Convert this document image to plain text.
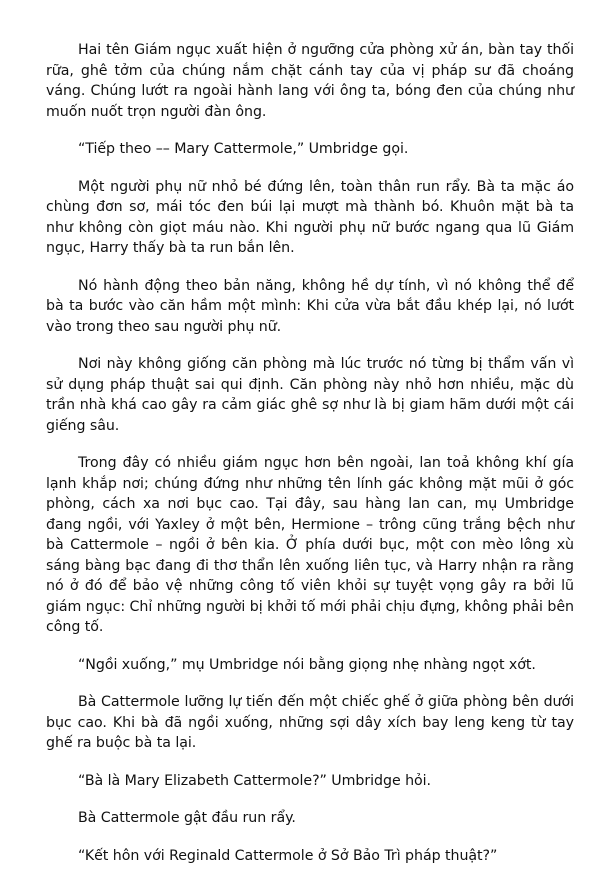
Hai tên Giám ngục xuất hiện ở ngưỡng cửa phòng xử án, bàn tay thối rữa, ghê tởm của chúng nắm chặt cánh tay của vị pháp sư đã choáng váng. Chúng lướt ra ngoài hành lang với ông ta, bóng đen của chúng như muốn nuốt trọn người đàn ông.

“Tiếp theo –– Mary Cattermole,” Umbridge gọi.

Một người phụ nữ nhỏ bé đứng lên, toàn thân run rẩy. Bà ta mặc áo chùng đơn sơ, mái tóc đen búi lại mượt mà thành bó. Khuôn mặt bà ta như không còn giọt máu nào. Khi người phụ nữ bước ngang qua lũ Giám ngục, Harry thấy bà ta run bắn lên.

Nó hành động theo bản năng, không hề dự tính, vì nó không thể để bà ta bước vào căn hầm một mình: Khi cửa vừa bắt đầu khép lại, nó lướt vào trong theo sau người phụ nữ.

Nơi này không giống căn phòng mà lúc trước nó từng bị thẩm vấn vì sử dụng pháp thuật sai qui định. Căn phòng này nhỏ hơn nhiều, mặc dù trần nhà khá cao gây ra cảm giác ghê sợ như là bị giam hãm dưới một cái giếng sâu.

Trong đây có nhiều giám ngục hơn bên ngoài, lan toả không khí gía lạnh khắp nơi; chúng đứng như những tên lính gác không mặt mũi ở góc phòng, cách xa nơi bục cao. Tại đây, sau hàng lan can, mụ Umbridge đang ngồi, với Yaxley ở một bên, Hermione – trông cũng trắng bệch như bà Cattermole – ngồi ở bên kia. Ở phía dưới bục, một con mèo lông xù sáng bàng bạc đang đi thơ thẩn lên xuống liên tục, và Harry nhận ra rằng nó ở đó để bảo vệ những công tố viên khỏi sự tuyệt vọng gây ra bởi lũ giám ngục: Chỉ những người bị khởi tố mới phải chịu đựng, không phải bên công tố.

“Ngồi xuống,” mụ Umbridge nói bằng giọng nhẹ nhàng ngọt xớt.

Bà Cattermole lưỡng lự tiến đến một chiếc ghế ở giữa phòng bên dưới bục cao. Khi bà đã ngồi xuống, những sợi dây xích bay leng keng từ tay ghế ra buộc bà ta lại.

“Bà là Mary Elizabeth Cattermole?” Umbridge hỏi.

Bà Cattermole gật đầu run rẩy.

“Kết hôn với Reginald Cattermole ở Sở Bảo Trì pháp thuật?”
